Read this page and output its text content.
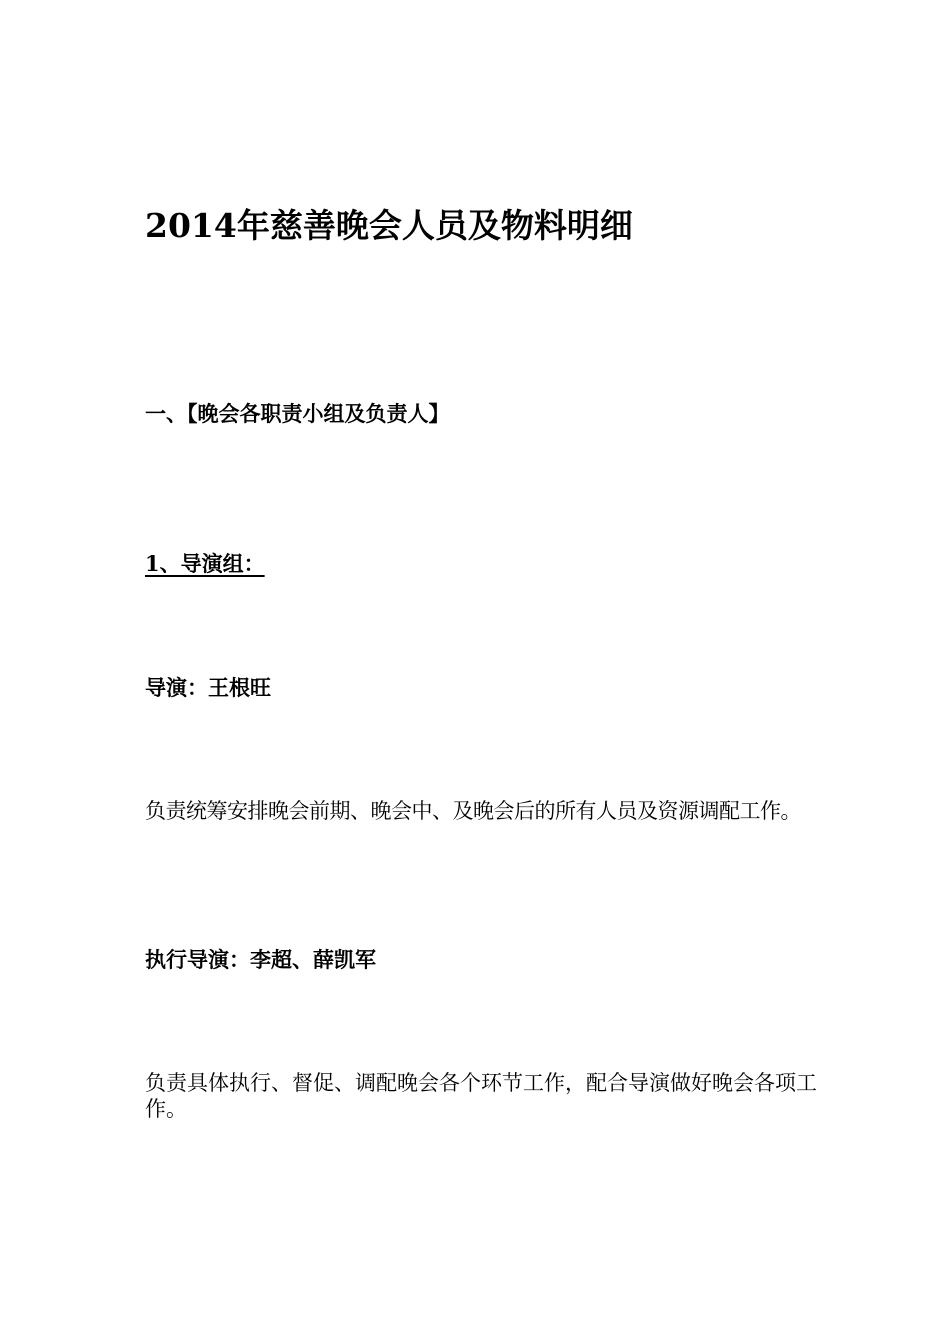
2014年慈善晚会人员及物料明细

一、【晚会各职责小组及负责人】

1、导演组：

导演：王根旺

负责统筹安排晚会前期、晚会中、及晚会后的所有人员及资源调配工作。

执行导演：李超、薛凯军

负责具体执行、督促、调配晚会各个环节工作，配合导演做好晚会各项工作。
